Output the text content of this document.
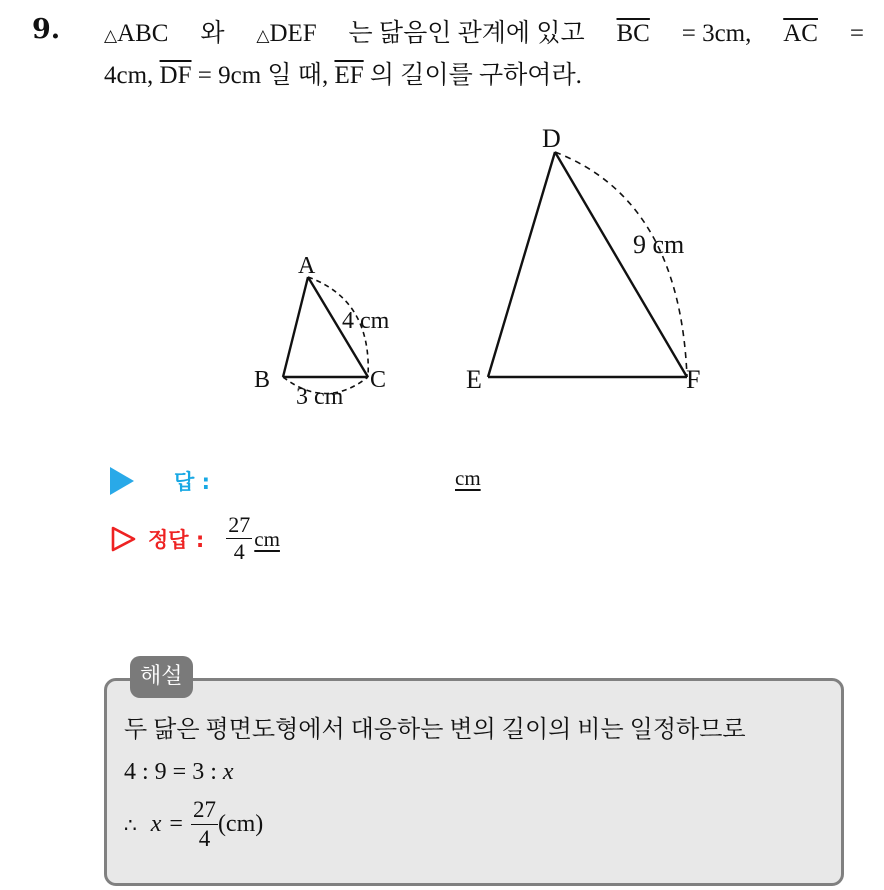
9.	△ABC 와 △DEF 는 닮음인 관계에 있고 $\overline{BC} = 3cm$, $\overline{AC}$ =
4cm, $\overline{DF} = 9cm$ 일 때, $\overline{EF}$ 의 길이를 구하여라.
A
B	C
4 cm
3 cm
D
E	F
9 cm
답 :	cm
정답 : $\frac{27}{4}$ cm
해설
두 닮은 평면도형에서 대응하는 변의 길이의 비는 일정하므로
4 : 9 = 3 : x
∴ $x = \frac{27}{4} (cm)$
